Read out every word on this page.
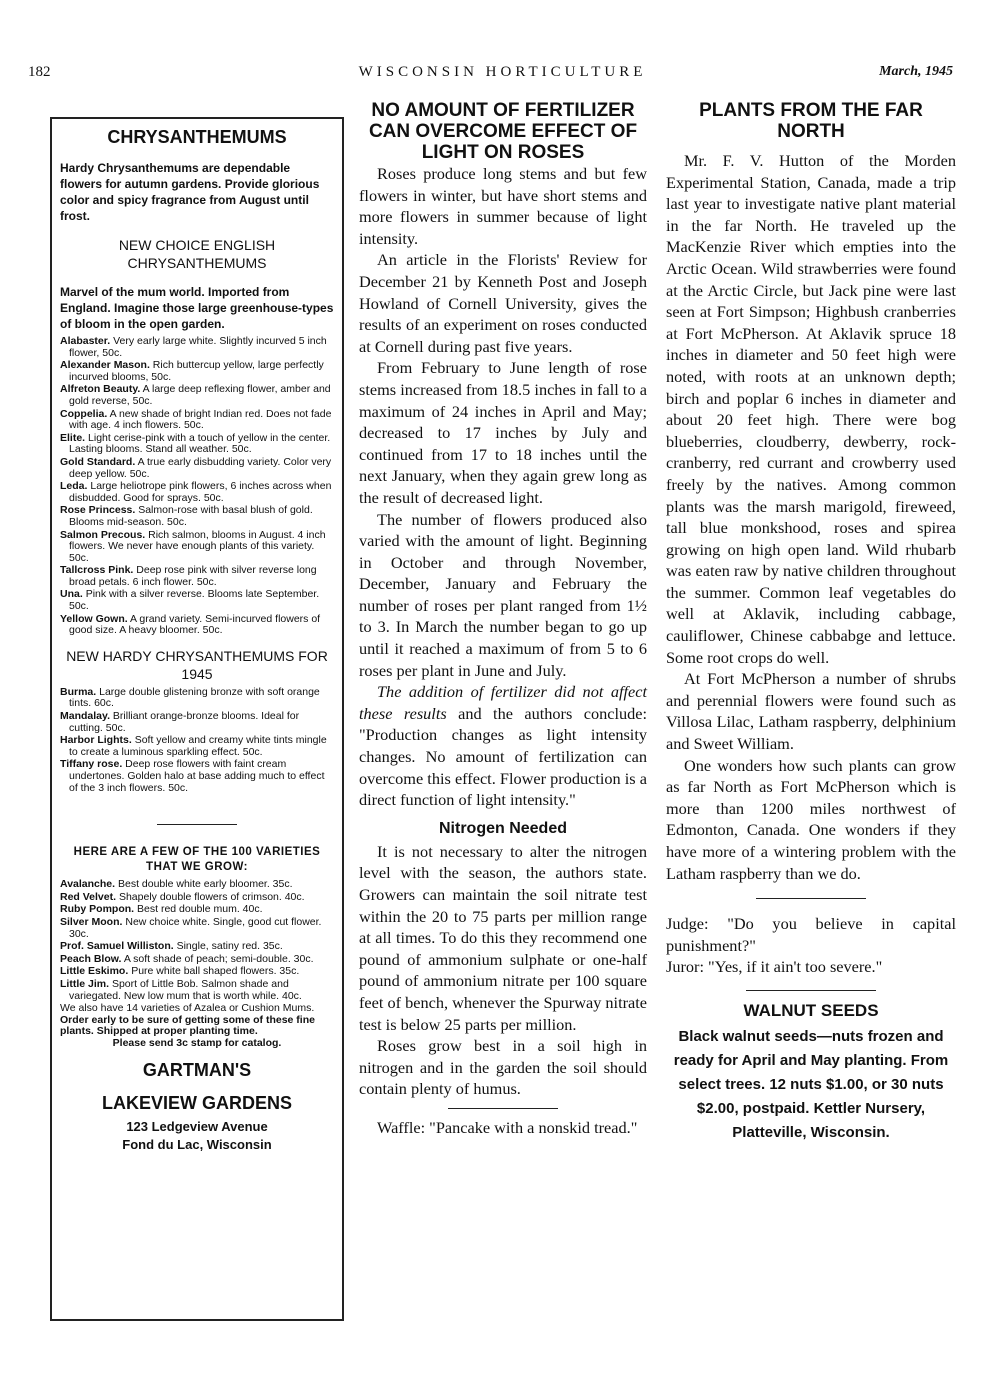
182	WISCONSIN HORTICULTURE	March, 1945
CHRYSANTHEMUMS
Hardy Chrysanthemums are dependable flowers for autumn gardens. Provide glorious color and spicy fragrance from August until frost.
NEW CHOICE ENGLISH CHRYSANTHEMUMS
Marvel of the mum world. Imported from England. Imagine those large greenhouse-types of bloom in the open garden.
Alabaster. Very early large white. Slightly incurved 5 inch flower, 50c.
Alexander Mason. Rich buttercup yellow, large perfectly incurved blooms, 50c.
Alfreton Beauty. A large deep reflexing flower, amber and gold reverse, 50c.
Coppelia. A new shade of bright Indian red. Does not fade with age. 4 inch flowers. 50c.
Elite. Light cerise-pink with a touch of yellow in the center. Lasting blooms. Stand all weather. 50c.
Gold Standard. A true early disbudding variety. Color very deep yellow. 50c.
Leda. Large heliotrope pink flowers, 6 inches across when disbudded. Good for sprays. 50c.
Rose Princess. Salmon-rose with basal blush of gold. Blooms mid-season. 50c.
Salmon Precous. Rich salmon, blooms in August. 4 inch flowers. We never have enough plants of this variety. 50c.
Tallcross Pink. Deep rose pink with silver reverse long broad petals. 6 inch flower. 50c.
Una. Pink with a silver reverse. Blooms late September. 50c.
Yellow Gown. A grand variety. Semi-incurved flowers of good size. A heavy bloomer. 50c.
NEW HARDY CHRYSANTHEMUMS FOR 1945
Burma. Large double glistening bronze with soft orange tints. 60c.
Mandalay. Brilliant orange-bronze blooms. Ideal for cutting. 50c.
Harbor Lights. Soft yellow and creamy white tints mingle to create a luminous sparkling effect. 50c.
Tiffany rose. Deep rose flowers with faint cream undertones. Golden halo at base adding much to effect of the 3 inch flowers. 50c.
HERE ARE A FEW OF THE 100 VARIETIES THAT WE GROW:
Avalanche. Best double white early bloomer. 35c.
Red Velvet. Shapely double flowers of crimson. 40c.
Ruby Pompon. Best red double mum. 40c.
Silver Moon. New choice white. Single, good cut flower. 30c.
Prof. Samuel Williston. Single, satiny red. 35c.
Peach Blow. A soft shade of peach; semi-double. 30c.
Little Eskimo. Pure white ball shaped flowers. 35c.
Little Jim. Sport of Little Bob. Salmon shade and variegated. New low mum that is worth while. 40c.
We also have 14 varieties of Azalea or Cushion Mums.
Order early to be sure of getting some of these fine plants. Shipped at proper planting time.
Please send 3c stamp for catalog.
GARTMAN'S
LAKEVIEW GARDENS
123 Ledgeview Avenue
Fond du Lac, Wisconsin
NO AMOUNT OF FERTILIZER CAN OVERCOME EFFECT OF LIGHT ON ROSES

Roses produce long stems and but few flowers in winter, but have short stems and more flowers in summer because of light intensity.

An article in the Florists' Review for December 21 by Kenneth Post and Joseph Howland of Cornell University, gives the results of an experiment on roses conducted at Cornell during past five years.

From February to June length of rose stems increased from 18.5 inches in fall to a maximum of 24 inches in April and May; decreased to 17 inches by July and continued from 17 to 18 inches until the next January, when they again grew long as the result of decreased light.

The number of flowers produced also varied with the amount of light. Beginning in October and through November, December, January and February the number of roses per plant ranged from 1½ to 3. In March the number began to go up until it reached a maximum of from 5 to 6 roses per plant in June and July.

The addition of fertilizer did not affect these results and the authors conclude: "Production changes as light intensity changes. No amount of fertilization can overcome this effect. Flower production is a direct function of light intensity."

Nitrogen Needed

It is not necessary to alter the nitrogen level with the season, the authors state. Growers can maintain the soil nitrate test within the 20 to 75 parts per million range at all times. To do this they recommend one pound of ammonium sulphate or one-half pound of ammonium nitrate per 100 square feet of bench, whenever the Spurway nitrate test is below 25 parts per million.

Roses grow best in a soil high in nitrogen and in the garden the soil should contain plenty of humus.

Waffle: "Pancake with a nonskid tread."

PLANTS FROM THE FAR NORTH

Mr. F. V. Hutton of the Morden Experimental Station, Canada, made a trip last year to investigate native plant material in the far North. He traveled up the MacKenzie River which empties into the Arctic Ocean. Wild strawberries were found at the Arctic Circle, but Jack pine were last seen at Fort Simpson; Highbush cranberries at Fort McPherson. At Aklavik spruce 18 inches in diameter and 50 feet high were noted, with roots at an unknown depth; birch and poplar 6 inches in diameter and about 20 feet high. There were bog blueberries, cloudberry, dewberry, rock-cranberry, red currant and crowberry used freely by the natives. Among common plants was the marsh marigold, fireweed, tall blue monkshood, roses and spirea growing on high open land. Wild rhubarb was eaten raw by native children throughout the summer. Common leaf vegetables do well at Aklavik, including cabbage, cauliflower, Chinese cabbabge and lettuce. Some root crops do well.

At Fort McPherson a number of shrubs and perennial flowers were found such as Villosa Lilac, Latham raspberry, delphinium and Sweet William.

One wonders how such plants can grow as far North as Fort McPherson which is more than 1200 miles northwest of Edmonton, Canada. One wonders if they have more of a wintering problem with the Latham raspberry than we do.

Judge: "Do you believe in capital punishment?"

Juror: "Yes, if it ain't too severe."

WALNUT SEEDS
Black walnut seeds—nuts frozen and ready for April and May planting. From select trees. 12 nuts $1.00, or 30 nuts $2.00, postpaid. Kettler Nursery, Platteville, Wisconsin.
